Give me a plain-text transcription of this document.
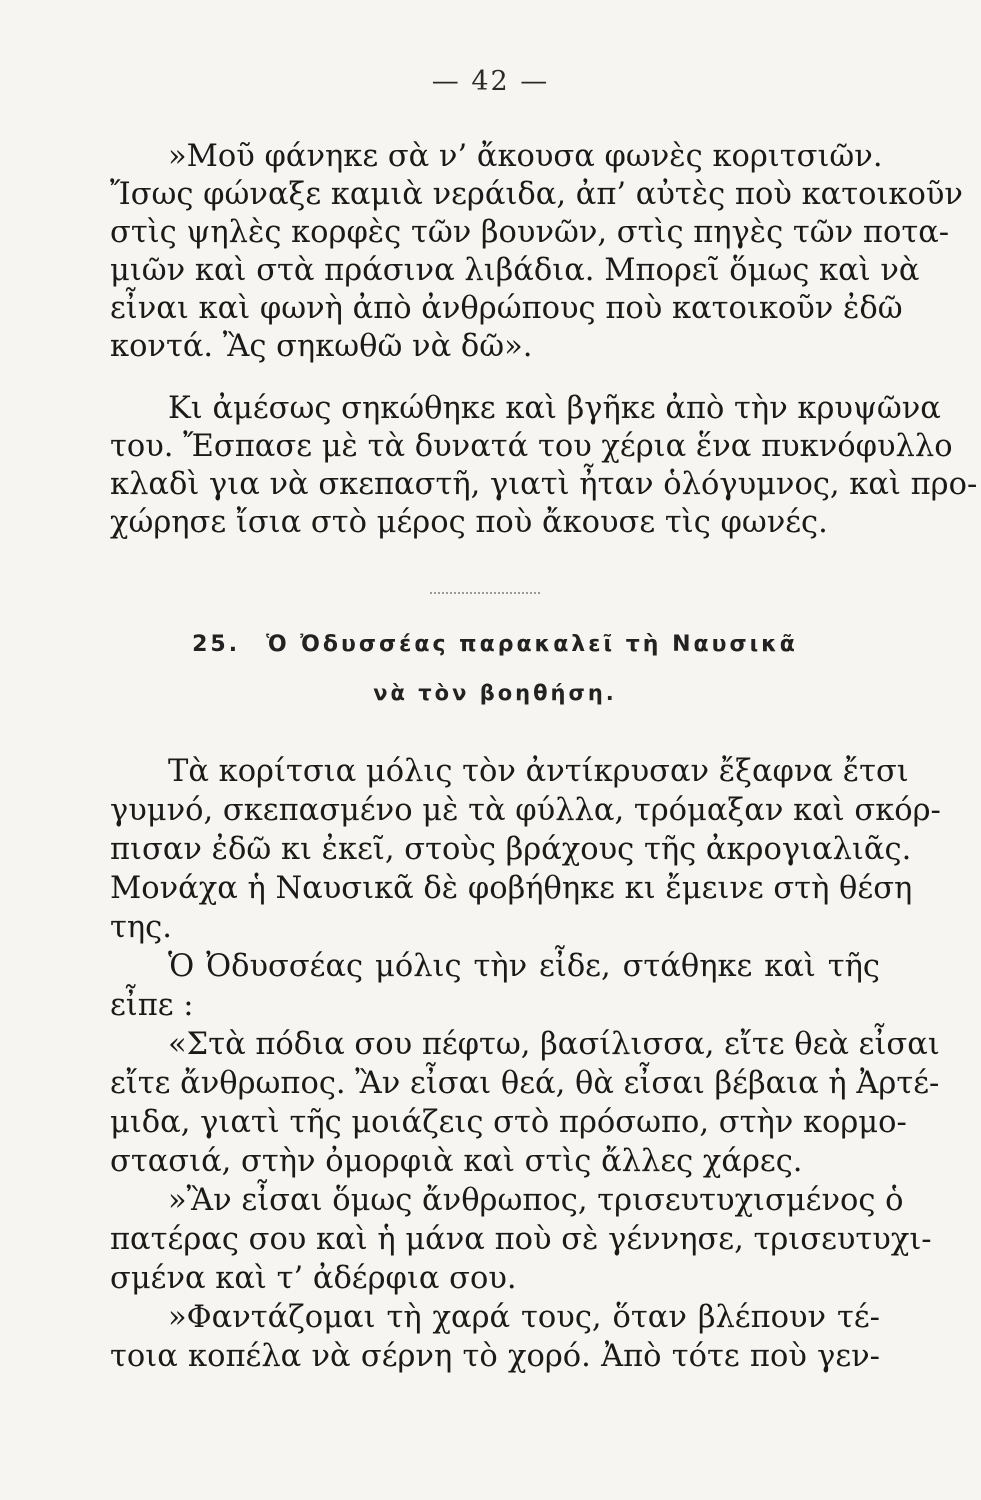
— 42 —
»Μοῦ φάνηκε σὰ ν’ ἄκουσα φωνὲς κοριτσιῶν.
Ἴσως φώναξε καμιὰ νεράιδα, ἀπ’ αὐτὲς ποὺ κατοικοῦν
στὶς ψηλὲς κορφὲς τῶν βουνῶν, στὶς πηγὲς τῶν ποτα-
μιῶν καὶ στὰ πράσινα λιβάδια. Μπορεῖ ὅμως καὶ νὰ
εἶναι καὶ φωνὴ ἀπὸ ἀνθρώπους ποὺ κατοικοῦν ἐδῶ
κοντά. Ἂς σηκωθῶ νὰ δῶ».
Κι ἀμέσως σηκώθηκε καὶ βγῆκε ἀπὸ τὴν κρυψῶνα
του. Ἔσπασε μὲ τὰ δυνατά του χέρια ἕνα πυκνόφυλλο
κλαδὶ για νὰ σκεπαστῆ, γιατὶ ἦταν ὁλόγυμνος, καὶ προ-
χώρησε ἴσια στὸ μέρος ποὺ ἄκουσε τὶς φωνές.
25. Ὁ Ὀδυσσέας παρακαλεῖ τὴ Ναυσικᾶ
νὰ τὸν βοηθήση.
Τὰ κορίτσια μόλις τὸν ἀντίκρυσαν ἔξαφνα ἔτσι
γυμνό, σκεπασμένο μὲ τὰ φύλλα, τρόμαξαν καὶ σκόρ-
πισαν ἐδῶ κι ἐκεῖ, στοὺς βράχους τῆς ἀκρογιαλιᾶς.
Μονάχα ἡ Ναυσικᾶ δὲ φοβήθηκε κι ἔμεινε στὴ θέση
της.
Ὁ Ὀδυσσέας μόλις τὴν εἶδε, στάθηκε καὶ τῆς
εἶπε :
«Στὰ πόδια σου πέφτω, βασίλισσα, εἴτε θεὰ εἶσαι
εἴτε ἄνθρωπος. Ἂν εἶσαι θεά, θὰ εἶσαι βέβαια ἡ Ἀρτέ-
μιδα, γιατὶ τῆς μοιάζεις στὸ πρόσωπο, στὴν κορμο-
στασιά, στὴν ὀμορφιὰ καὶ στὶς ἄλλες χάρες.
»Ἂν εἶσαι ὅμως ἄνθρωπος, τρισευτυχισμένος ὁ
πατέρας σου καὶ ἡ μάνα ποὺ σὲ γέννησε, τρισευτυχι-
σμένα καὶ τ’ ἀδέρφια σου.
»Φαντάζομαι τὴ χαρά τους, ὅταν βλέπουν τέ-
τοια κοπέλα νὰ σέρνη τὸ χορό. Ἀπὸ τότε ποὺ γεν-
